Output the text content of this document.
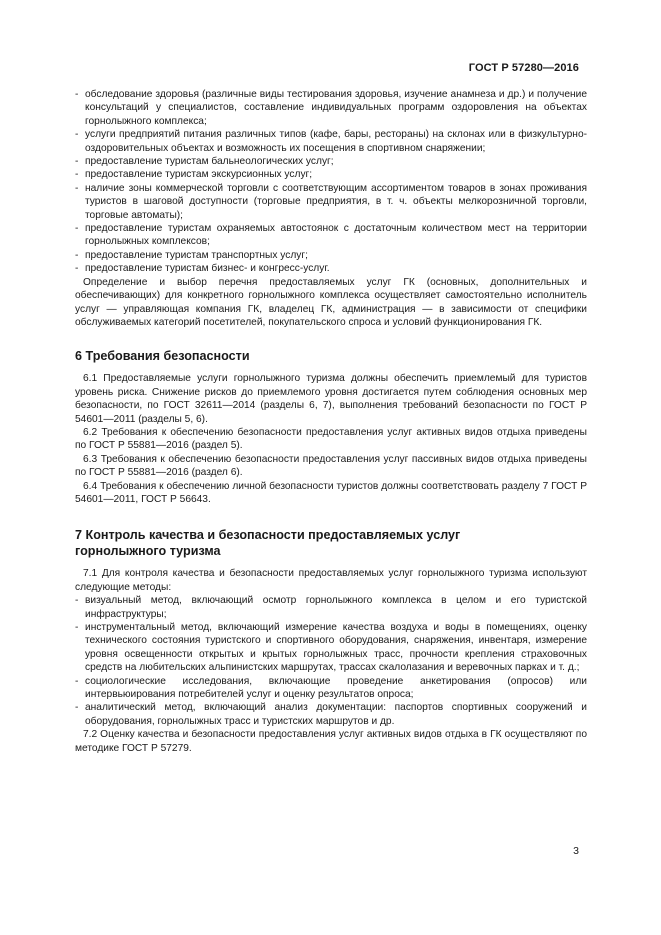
ГОСТ Р 57280—2016

- обследование здоровья (различные виды тестирования здоровья, изучение анамнеза и др.) и получение консультаций у специалистов, составление индивидуальных программ оздоровления на объектах горнолыжного комплекса;

- услуги предприятий питания различных типов (кафе, бары, рестораны) на склонах или в физкультурно-оздоровительных объектах и возможность их посещения в спортивном снаряжении;

- предоставление туристам бальнеологических услуг;

- предоставление туристам экскурсионных услуг;

- наличие зоны коммерческой торговли с соответствующим ассортиментом товаров в зонах проживания туристов в шаговой доступности (торговые предприятия, в т. ч. объекты мелкорозничной торговли, торговые автоматы);

- предоставление туристам охраняемых автостоянок с достаточным количеством мест на территории горнолыжных комплексов;

- предоставление туристам транспортных услуг;

- предоставление туристам бизнес- и конгресс-услуг.

Определение и выбор перечня предоставляемых услуг ГК (основных, дополнительных и обеспечивающих) для конкретного горнолыжного комплекса осуществляет самостоятельно исполнитель услуг — управляющая компания ГК, владелец ГК, администрация — в зависимости от специфики обслуживаемых категорий посетителей, покупательского спроса и условий функционирования ГК.

6 Требования безопасности

6.1 Предоставляемые услуги горнолыжного туризма должны обеспечить приемлемый для туристов уровень риска. Снижение рисков до приемлемого уровня достигается путем соблюдения основных мер безопасности, по ГОСТ 32611—2014 (разделы 6, 7), выполнения требований безопасности по ГОСТ Р 54601—2011 (разделы 5, 6).

6.2 Требования к обеспечению безопасности предоставления услуг активных видов отдыха приведены по ГОСТ Р 55881—2016 (раздел 5).

6.3 Требования к обеспечению безопасности предоставления услуг пассивных видов отдыха приведены по ГОСТ Р 55881—2016 (раздел 6).

6.4 Требования к обеспечению личной безопасности туристов должны соответствовать разделу 7 ГОСТ Р 54601—2011, ГОСТ Р 56643.

7 Контроль качества и безопасности предоставляемых услуг
горнолыжного туризма

7.1 Для контроля качества и безопасности предоставляемых услуг горнолыжного туризма используют следующие методы:

- визуальный метод, включающий осмотр горнолыжного комплекса в целом и его туристской инфраструктуры;

- инструментальный метод, включающий измерение качества воздуха и воды в помещениях, оценку технического состояния туристского и спортивного оборудования, снаряжения, инвентаря, измерение уровня освещенности открытых и крытых горнолыжных трасс, прочности крепления страховочных средств на любительских альпинистских маршрутах, трассах скалолазания и веревочных парках и т. д.;

- социологические исследования, включающие проведение анкетирования (опросов) или интервьюирования потребителей услуг и оценку результатов опроса;

- аналитический метод, включающий анализ документации: паспортов спортивных сооружений и оборудования, горнолыжных трасс и туристских маршрутов и др.

7.2 Оценку качества и безопасности предоставления услуг активных видов отдыха в ГК осуществляют по методике ГОСТ Р 57279.

3
